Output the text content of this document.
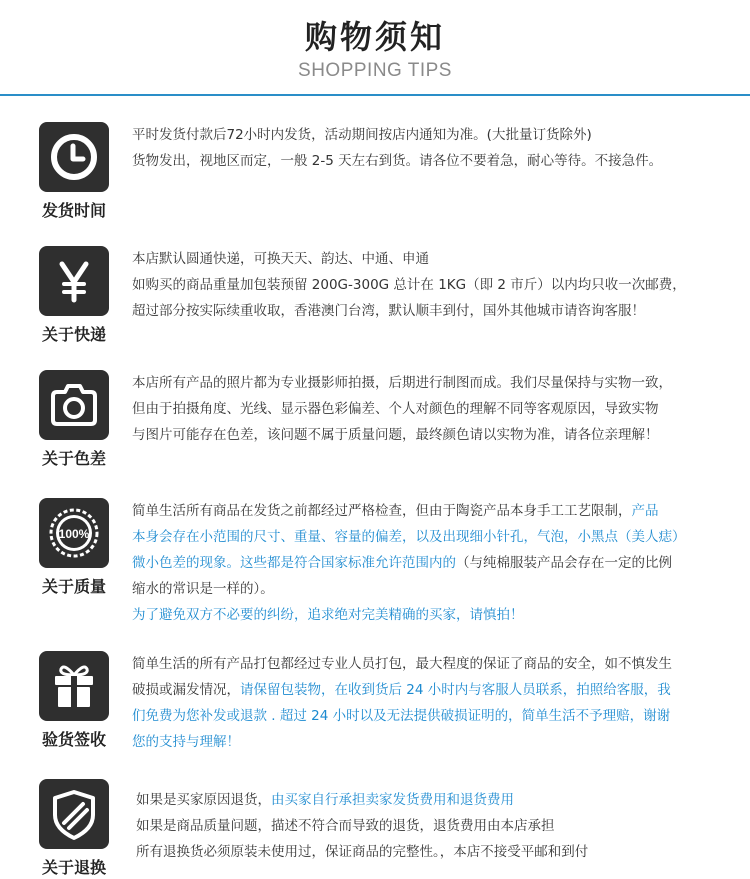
购物须知
SHOPPING TIPS
发货时间
平时发货付款后72小时内发货，活动期间按店内通知为准。(大批量订货除外)
货物发出，视地区而定，一般 2-5 天左右到货。请各位不要着急，耐心等待。不接急件。
关于快递
本店默认圆通快递，可换天天、韵达、中通、申通
如购买的商品重量加包装预留 200G-300G 总计在 1KG（即 2 市斤）以内均只收一次邮费，
超过部分按实际续重收取，香港澳门台湾，默认顺丰到付，国外其他城市请咨询客服！
关于色差
本店所有产品的照片都为专业摄影师拍摄，后期进行制图而成。我们尽量保持与实物一致，
但由于拍摄角度、光线、显示器色彩偏差、个人对颜色的理解不同等客观原因，导致实物
与图片可能存在色差，该问题不属于质量问题，最终颜色请以实物为准，请各位亲理解！
100%
关于质量
简单生活所有商品在发货之前都经过严格检查，但由于陶瓷产品本身手工工艺限制，产品
本身会存在小范围的尺寸、重量、容量的偏差，以及出现细小针孔，气泡，小黑点（美人痣）
微小色差的现象。这些都是符合国家标准允许范围内的（与纯棉服装产品会存在一定的比例
缩水的常识是一样的）。
为了避免双方不必要的纠纷，追求绝对完美精确的买家，请慎拍！
验货签收
简单生活的所有产品打包都经过专业人员打包，最大程度的保证了商品的安全，如不慎发生
破损或漏发情况，请保留包装物，在收到货后 24 小时内与客服人员联系，拍照给客服，我
们免费为您补发或退款 . 超过 24 小时以及无法提供破损证明的，简单生活不予理赔，谢谢
您的支持与理解！
关于退换
如果是买家原因退货，由买家自行承担卖家发货费用和退货费用
如果是商品质量问题，描述不符合而导致的退货，退货费用由本店承担
所有退换货必须原装未使用过，保证商品的完整性。，本店不接受平邮和到付
